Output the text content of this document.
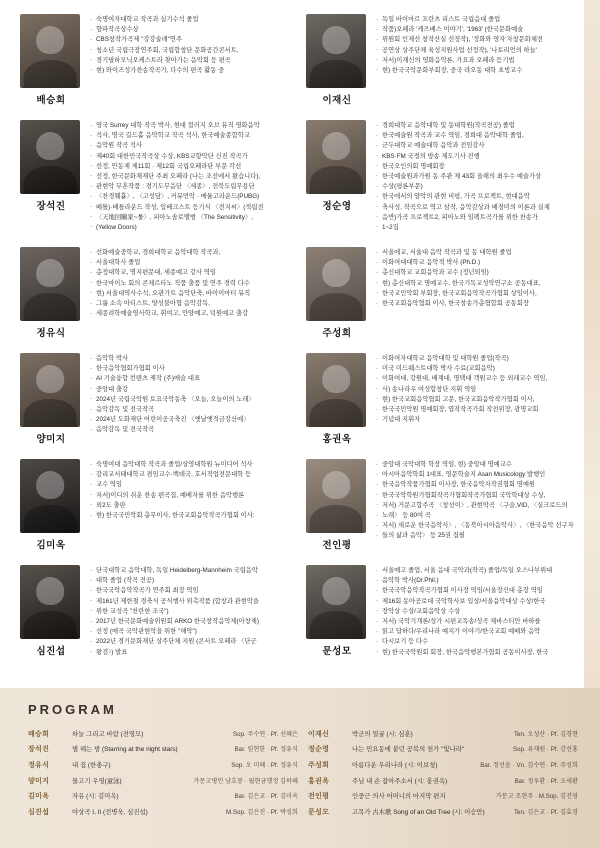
배승희
· 숙명여자대학교 작곡과 실기수석 졸업
· 향파작곡상수상
· CBS창작가곡제 "강강술래"연주
· 청소년 국립극장연주회, 국립합창단 문화공간콘서트,
· 경기필하모닉오케스트라 찾아가는 음악회 등 편곡
· 현) 와이즈성가찬송작곡가, 다수의 편곡 활동 중
장석진
· 영국 Surrey 대학 작곡 박사, 현대 컬러지 오브 뮤직 영화음악
· 석사, 명국 길드홀 음악학교 작곡 석사, 한국예술종합학교
· 음악원 작곡 석사
· 제40회 대한민국작곡상 수상, KBS교향악단 신진 작곡가
· 선정, 안동제 제11회 · 제12회 국립오페라단 부문 각선
· 선정, 한국문화재재단 주최 오페라 (나는 조선에서 왔습니다),
· 관현악 무혼작품 : 경기도무음단 〈세종〉, 전북도립무용단
· 〈찬경훼휼〉, 〈고성담〉, 커뮤먼악 · 메듈고라운드(PUBG)
· 배틀)·배틀라운드 작성, 입베크스트 등기식 〈전지씨〉(적립전
· 〈天地回鷗家~툴〉, 피아노솔로앨범 〈The Sensitivity〉,
· (Yellow Doors)
정유식
· 선화예술중학교, 경희대학교 음악대학 작곡과,
· 서울대학사 졸업
· 총정대학교, 명지편문대, 세종예고 강사 역임
· 한국마이노 회의 콘체르타노 직품 출품 및 연주 경력 다수
· 현) 서울대역사수석, 오관가트 음악단축, 바이이마티 뮤직
· 그룹 소속 아티스트, 양성불아협 음악감독,
· 세종려학예술영사학교, 휘여고, 안양예고, 덕원예고 출강
양미지
· 음악학 박사
· 한국음악협회가협회 이사
· AI 기술융합 컨텐츠 제작 (주)애슬 대표
· 중앙대 출강
· 2024년 국립국악원 토요국악동축 〈오늘, 오늘이의 노래〉
· 음악감독 및 전국작곡
· 2024년 도화재단 어린이공국축진 〈옛날옛적금강산에〉
· 음악감독 및 전국작곡
김미옥
· 숙명여대 음악대학 작곡과 졸업/상영대학원 뉴미디어 석사
· 감리교서태대학교 겸임교수·백데국, 호서직업전문대학 등
· 교수 역임
· 저서)이디의 쉬운 찬송 편곡집, 예배자를 위한 음악행론
· 외2도 출판
· 현) 한국국민악회 총무이사, 한국교회음악작곡가협회 이사:
심진섭
· 단국대학교 음악대학, 독일 Heidelberg-Mannheim 국립음악
· 대학 졸업 (작곡 전공)
· 한국국악음악작곡가 연주회 최장 역임
· 제161년 제한철 경축식 공식행사 위촉작품 (합창과 관현악을
· 위한 교성곡 "찬란한 조국")
· 2017년 한국문화예술위원회 ARKO 한국창작음악제(아창제)
· 선정 (메곡 국악관현악을 위한 "해악")
· 2022년 경기문화재단 상주단체 지원 (콘서트 오페라 〈단군
· 왕검〉) 발표
이재신
· 독일 바이마르 프란츠 리스트 국립음대 졸업
· 작품)오페라 '캐즈배스 이야기', '1963' (한국문화예술
· 위원회 인제선 창작산실 선정작), '정화와 영자'자창문화체전
· 공연상 상주단체 육성지원사업 선정작), '나토리언의 하늘'
· 저서)이재신의 영화음악론, 가요과 오페라 듣기법
· 현) 한국국악문화부회장, 중국 랴오동 대학 초빙교수
정순영
· 경희대학교 음악대학 및 동대학원(작곡전공) 졸업
· 한국예술원 작곡과 교수 역임, 경희대 음악대학 졸업,
· 군두대학교 예술대학 음악과 전임강사
· KBS·FM 국경의 방송 제도기사 진행
· 한국오인의회 명예회장
· 한국예술원과가원 동 주관 제 43회 올해의 최우수 예술가상
· 수상(평론부문)
· 한국에서의 양악의 관현 비평, 가곡 프로젝트, 현대음악
· 축사성, 작곡으로 역고 삼작, 음악감상과 배경미의 이론과 실제
· 음반)가곡 프로젝트2, 피아노와 임펙트곡가를 위한 찬송가
· 1~2집
주성희
· 서울에교, 서울대 음악 작곡과 및 동 대학원 졸업
· 이화여대대학교 음악적 박사 (Ph.D.)
· 총신대학교 교회음악과 교수 (정년퇴임)
· 현) 총신대학교 명예교수, 한국기독교성악연구소 공동대표,
· 한국교민악회 부회장, 한국교회음악작곡가협회 상임이사,
· 한국교회음악협회 이사, 한국창송가총협합회 공동회장
홍권옥
· 이화여자대학교 음악대학 및 대학원 졸업(작곡)
· 미국 미드웨스트대학 박사 수료(교회음악)
· 이화여대, 강원대, 배재대, 명택대 객원교수 등 외래교수 역임,
· 사) 송나라우 여성합창단 지휘 역임
· 현) 한국교회음악협회 고문, 한국교회음악작가협회 이사,
· 한국국민악원 명예회장, 엽작작곡가회 작전위장, 광명교회
· 기념대 지휘자
전인평
· 중앙대 국악대학 학장 역임, 현) 중앙대 명예교수
· 아시아음악학회 1대표, 영문학술지 Asan Musicology 발행인
· 한국음악작품가협회 이사장, 한국음악자작권협회 명예원
· 한국국악학원가협회작곡가협회작곡가협회 국악학대상 수상,
· 저서) 거문고합주곡 〈창선이〉, 관현악곡 〈구슬,VID, 〈실크로드의
· 노래〉 등 80여 곡
· 저서) 새로운 한국음악사〉, 〈동북아시아음악사〉, 〈한국음악 선구자
· 들의 삶과 음악〉 등 25권 집필
문성모
· 서울예고 졸업, 서울 음대 국악과(작곡) 졸업/독일 오스나부뤼대
· 음악학 박사(Dr.Phil.)
· 한국국악음악작곡가협회 이사장 역임/서울장신대 총장 역임
· 제16회 동아공로대 국악학사보 입상/서울음악대상 수상/한국
· 장악상 수상/교회음악상 수상
· 저서) 국악기개론/성가 시편교독송/성곡 제바스티안 바하를
· 읽고 답하다/우리나라 예지가 이야기/한국교회 예배와 음악
· 다시보기 등 다수
· 현) 한국국악원회 회장, 한국음악행본가협회 공동이사장, 한국
PROGRAM
배승희	하늘 그리고 바람 (전영모)	Sop. 주수연 · Pf. 선혜은
장석진	별 헤는 밤 (Starring at the night stars)	Bar. 임현한 · Pf. 정유식
정유식	내 집 (한충구)	Sop. 오 미혜 · Pf. 정유식
양미지	물고기 우영(童泳)	가문고병인 남호봉 · 월현금행정 김하혜
김미옥	자유 (시: 김미옥)	Bar. 김은교 · Pf. 김미옥
심진섭	야상곡 I, II (전병욱, 심진섭)	M.Sop. 김은진 · Pf. 박성희
이재신	박군의 얼굴 (시: 심훈)	Ten. 오성산 · Pf. 김경현
정순영	나는 민요동에 붙던 공복의 천가 "빛나라"	Sop. 유재원 · Pf. 강선홍
주성희	아름다운 우리나라 (시: 이보청)	Bar. 정선윤 · Vn. 김수연 · Pf. 주성희
홍권옥	주님 내 손 잡아주소서 (시: 홍권옥)	Bar. 정우환 · Pf. 오세환
전인평	인중근 의사 어머니의 마지막 편지	가문고 조현주 · M.Sop. 김진영
문성모	고목가 古木歌 Song of an Old Tree (시: 이승만)	Ten. 김은교 · Pf. 김효경
